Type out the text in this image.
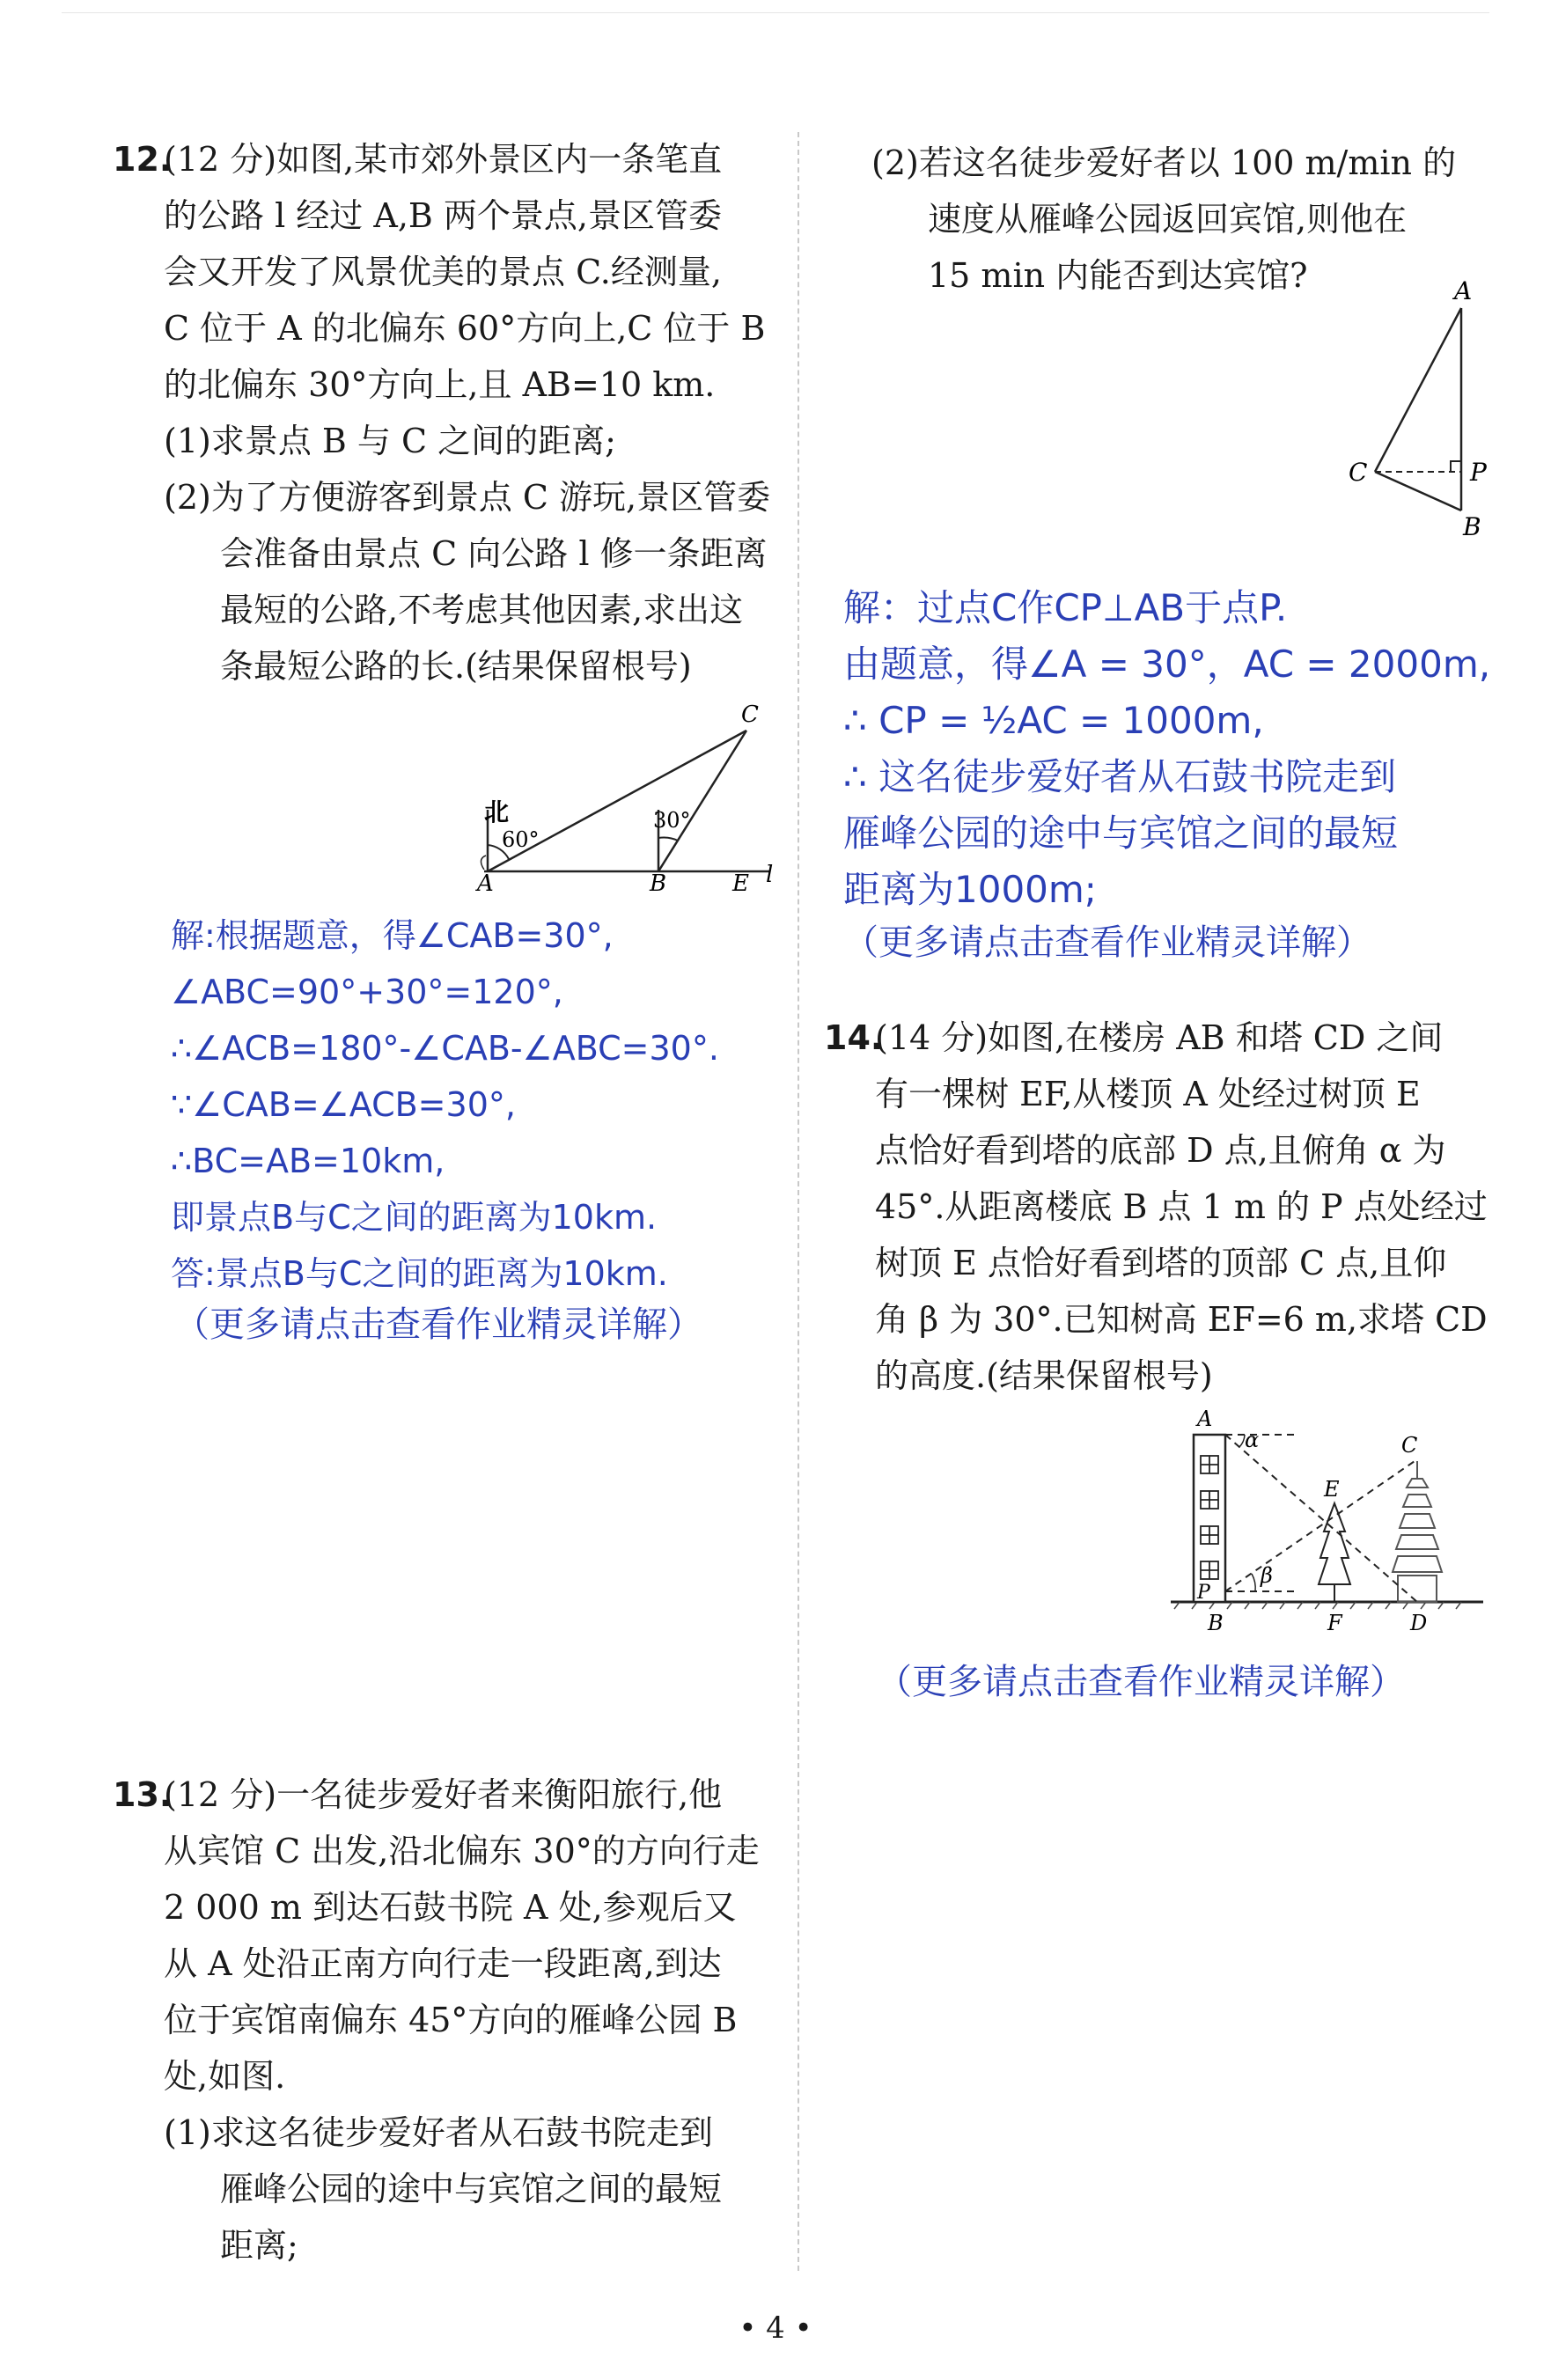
12.
(12 分)如图,某市郊外景区内一条笔直
的公路 l 经过 A,B 两个景点,景区管委
会又开发了风景优美的景点 C.经测量,
C 位于 A 的北偏东 60°方向上,C 位于 B
的北偏东 30°方向上,且 AB=10 km.
(1)求景点 B 与 C 之间的距离;
(2)为了方便游客到景点 C 游玩,景区管委
会准备由景点 C 向公路 l 修一条距离
最短的公路,不考虑其他因素,求出这
条最短公路的长.(结果保留根号)
北
60°
30°
A	B
C
E l
解:根据题意，得∠CAB=30°,
∠ABC=90°+30°=120°,
∴∠ACB=180°-∠CAB-∠ABC=30°.
∵∠CAB=∠ACB=30°,
∴BC=AB=10km,
即景点B与C之间的距离为10km.
答:景点B与C之间的距离为10km.
（更多请点击查看作业精灵详解）
13.
(12 分)一名徒步爱好者来衡阳旅行,他
从宾馆 C 出发,沿北偏东 30°的方向行走
2 000 m 到达石鼓书院 A 处,参观后又
从 A 处沿正南方向行走一段距离,到达
位于宾馆南偏东 45°方向的雁峰公园 B
处,如图.
(1)求这名徒步爱好者从石鼓书院走到
雁峰公园的途中与宾馆之间的最短
距离;
(2)若这名徒步爱好者以 100 m/min 的
速度从雁峰公园返回宾馆,则他在
15 min 内能否到达宾馆?	A
C	P
B
解：过点C作CP⊥AB于点P.
由题意，得∠A = 30°，AC = 2000m,
∴ CP = ½AC = 1000m,
∴ 这名徒步爱好者从石鼓书院走到
雁峰公园的途中与宾馆之间的最短
距离为1000m;
（更多请点击查看作业精灵详解）
14.
(14 分)如图,在楼房 AB 和塔 CD 之间
有一棵树 EF,从楼顶 A 处经过树顶 E
点恰好看到塔的底部 D 点,且俯角 α 为
45°.从距离楼底 B 点 1 m 的 P 点处经过
树顶 E 点恰好看到塔的顶部 C 点,且仰
角 β 为 30°.已知树高 EF=6 m,求塔 CD
的高度.(结果保留根号)
A
α	C
E
β
P
B	F	D
（更多请点击查看作业精灵详解）
• 4 •
